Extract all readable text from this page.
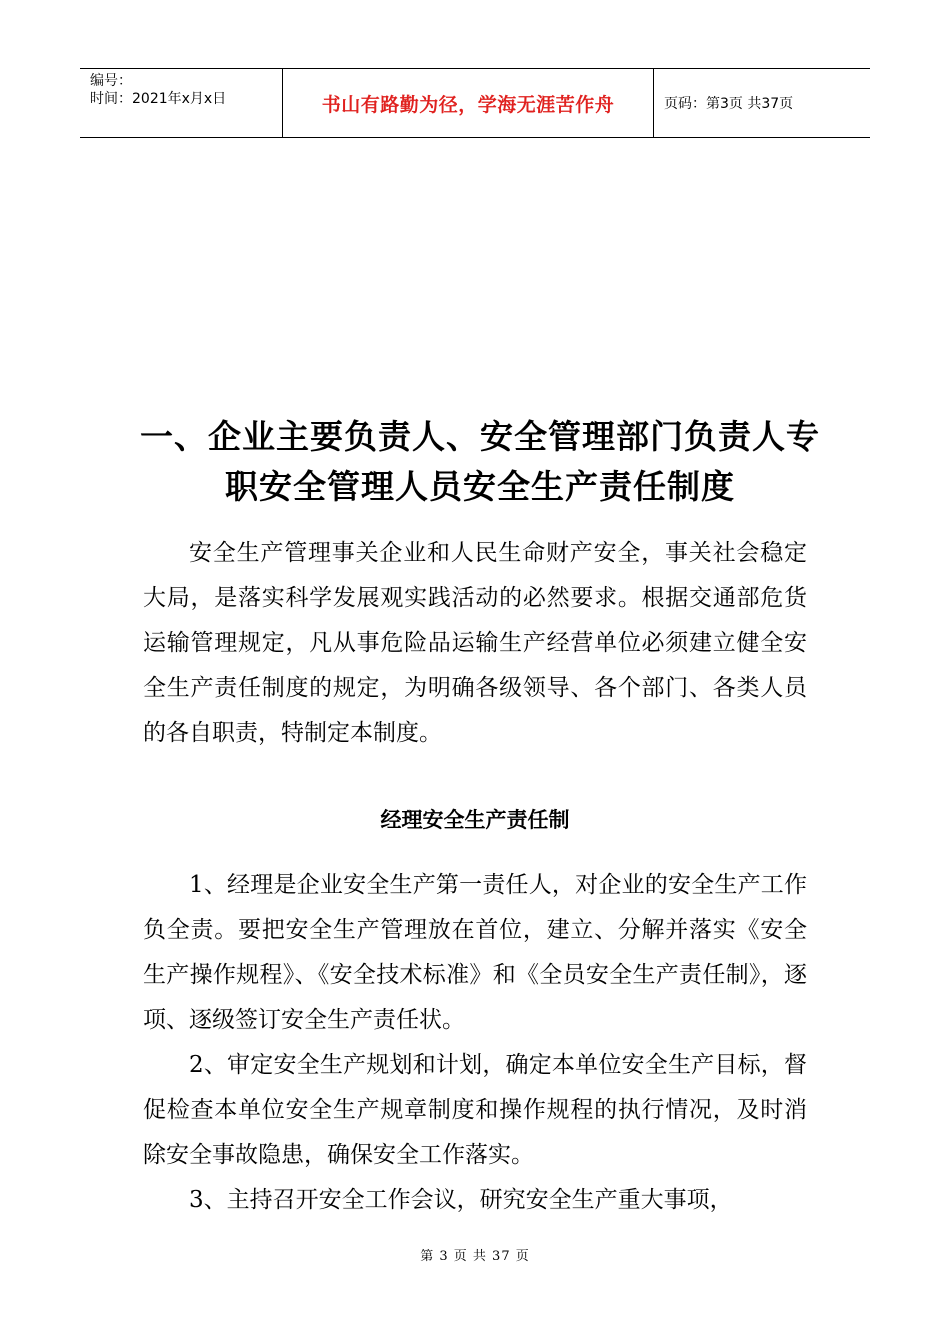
编号：
时间：2021年x月x日	书山有路勤为径，学海无涯苦作舟	页码：第3页 共37页
一、企业主要负责人、安全管理部门负责人专职安全管理人员安全生产责任制度

安全生产管理事关企业和人民生命财产安全，事关社会稳定大局，是落实科学发展观实践活动的必然要求。根据交通部危货运输管理规定，凡从事危险品运输生产经营单位必须建立健全安全生产责任制度的规定，为明确各级领导、各个部门、各类人员的各自职责，特制定本制度。

经理安全生产责任制

1、经理是企业安全生产第一责任人，对企业的安全生产工作负全责。要把安全生产管理放在首位，建立、分解并落实《安全生产操作规程》、《安全技术标准》和《全员安全生产责任制》，逐项、逐级签订安全生产责任状。

2、审定安全生产规划和计划，确定本单位安全生产目标，督促检查本单位安全生产规章制度和操作规程的执行情况，及时消除安全事故隐患，确保安全工作落实。

3、主持召开安全工作会议，研究安全生产重大事项，

第 3 页 共 37 页
